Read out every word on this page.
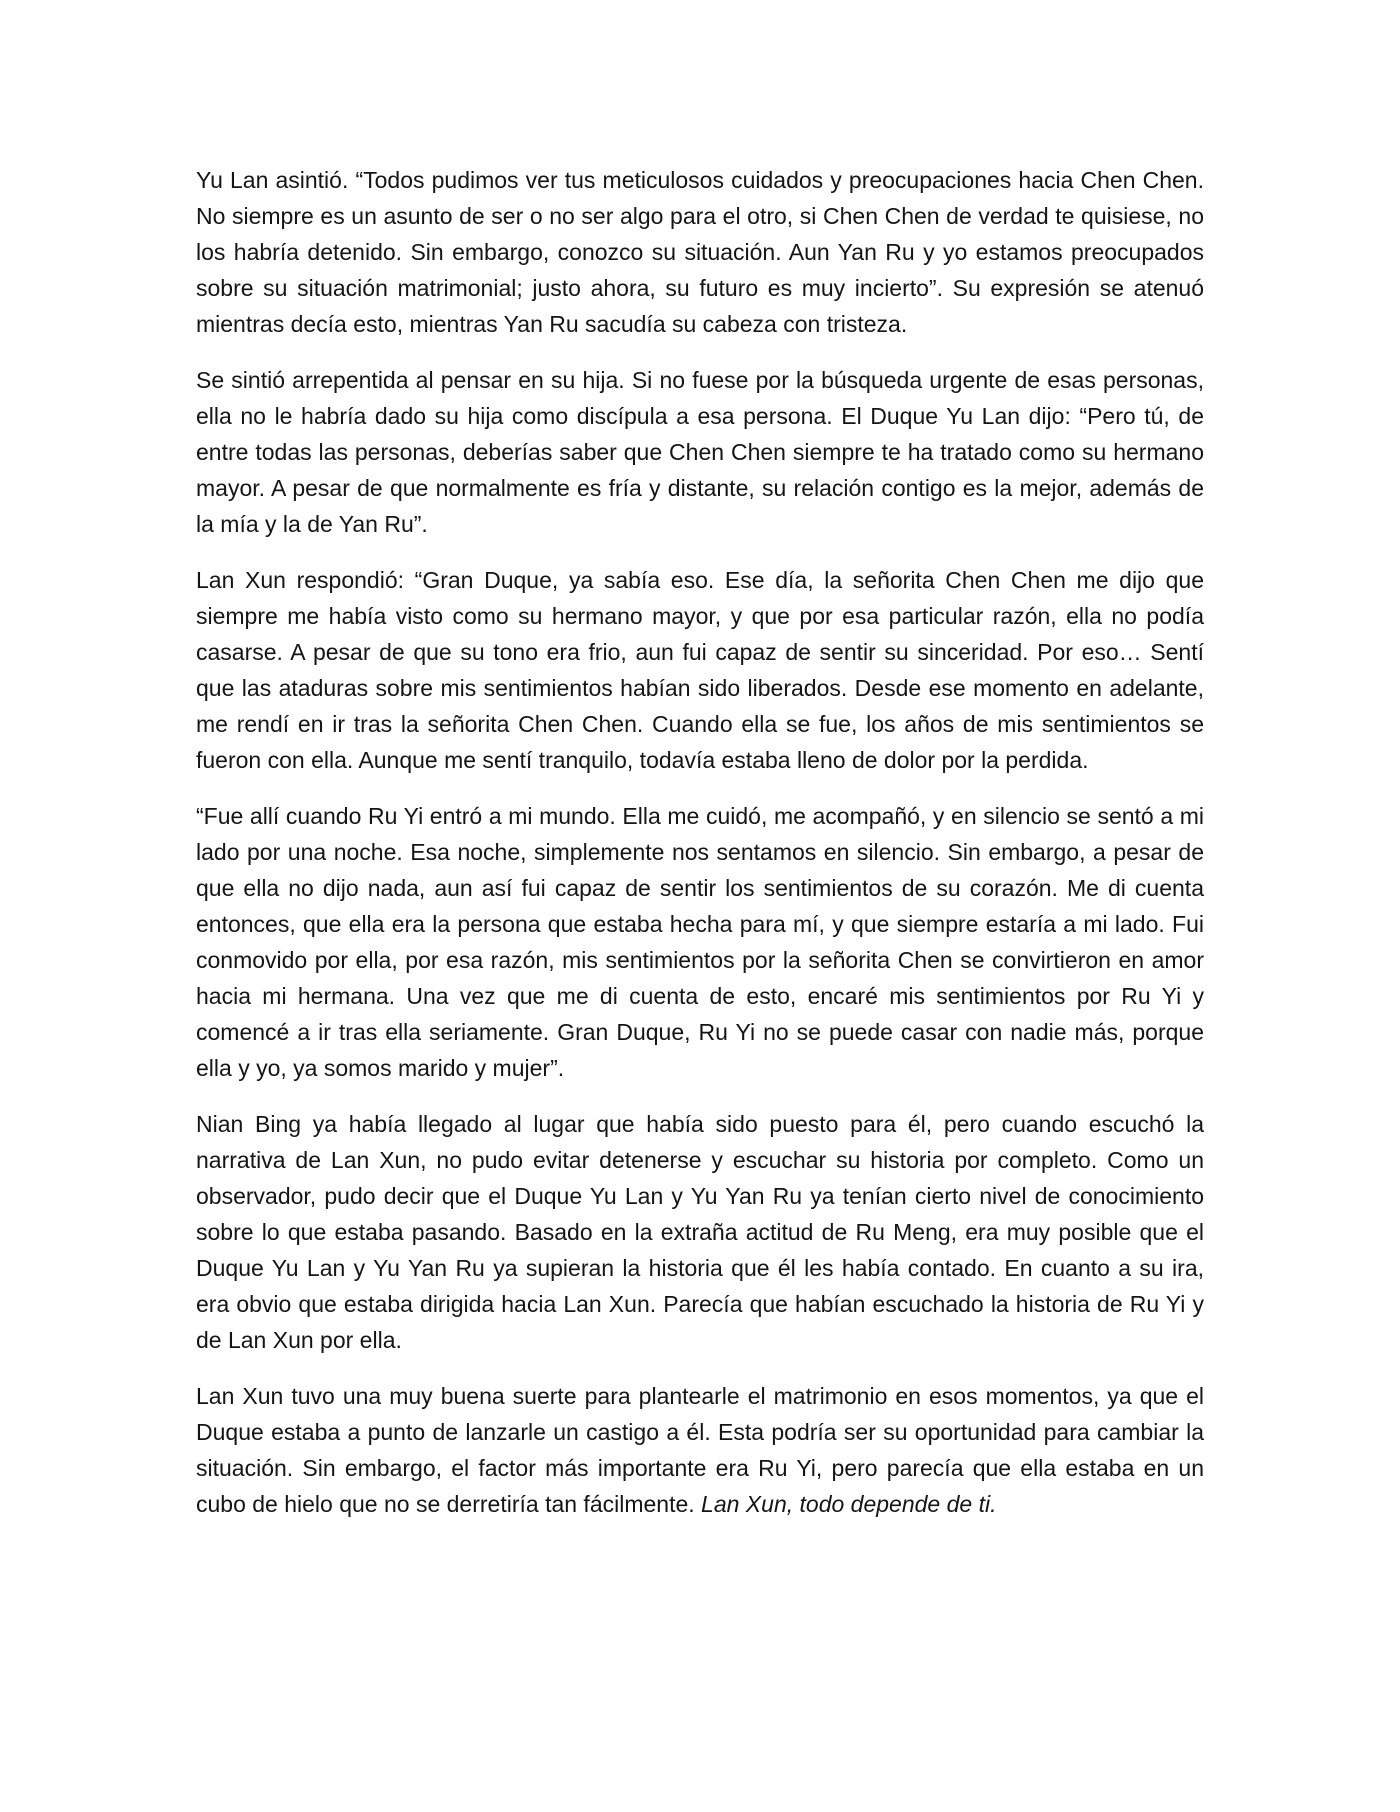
Yu Lan asintió. “Todos pudimos ver tus meticulosos cuidados y preocupaciones hacia Chen Chen. No siempre es un asunto de ser o no ser algo para el otro, si Chen Chen de verdad te quisiese, no los habría detenido. Sin embargo, conozco su situación. Aun Yan Ru y yo estamos preocupados sobre su situación matrimonial; justo ahora, su futuro es muy incierto”. Su expresión se atenuó mientras decía esto, mientras Yan Ru sacudía su cabeza con tristeza.

Se sintió arrepentida al pensar en su hija. Si no fuese por la búsqueda urgente de esas personas, ella no le habría dado su hija como discípula a esa persona. El Duque Yu Lan dijo: “Pero tú, de entre todas las personas, deberías saber que Chen Chen siempre te ha tratado como su hermano mayor. A pesar de que normalmente es fría y distante, su relación contigo es la mejor, además de la mía y la de Yan Ru”.

Lan Xun respondió: “Gran Duque, ya sabía eso. Ese día, la señorita Chen Chen me dijo que siempre me había visto como su hermano mayor, y que por esa particular razón, ella no podía casarse. A pesar de que su tono era frio, aun fui capaz de sentir su sinceridad. Por eso… Sentí que las ataduras sobre mis sentimientos habían sido liberados. Desde ese momento en adelante, me rendí en ir tras la señorita Chen Chen. Cuando ella se fue, los años de mis sentimientos se fueron con ella. Aunque me sentí tranquilo, todavía estaba lleno de dolor por la perdida.

“Fue allí cuando Ru Yi entró a mi mundo. Ella me cuidó, me acompañó, y en silencio se sentó a mi lado por una noche. Esa noche, simplemente nos sentamos en silencio. Sin embargo, a pesar de que ella no dijo nada, aun así fui capaz de sentir los sentimientos de su corazón. Me di cuenta entonces, que ella era la persona que estaba hecha para mí, y que siempre estaría a mi lado. Fui conmovido por ella, por esa razón, mis sentimientos por la señorita Chen se convirtieron en amor hacia mi hermana. Una vez que me di cuenta de esto, encaré mis sentimientos por Ru Yi y comencé a ir tras ella seriamente. Gran Duque, Ru Yi no se puede casar con nadie más, porque ella y yo, ya somos marido y mujer”.

Nian Bing ya había llegado al lugar que había sido puesto para él, pero cuando escuchó la narrativa de Lan Xun, no pudo evitar detenerse y escuchar su historia por completo. Como un observador, pudo decir que el Duque Yu Lan y Yu Yan Ru ya tenían cierto nivel de conocimiento sobre lo que estaba pasando. Basado en la extraña actitud de Ru Meng, era muy posible que el Duque Yu Lan y Yu Yan Ru ya supieran la historia que él les había contado. En cuanto a su ira, era obvio que estaba dirigida hacia Lan Xun. Parecía que habían escuchado la historia de Ru Yi y de Lan Xun por ella.

Lan Xun tuvo una muy buena suerte para plantearle el matrimonio en esos momentos, ya que el Duque estaba a punto de lanzarle un castigo a él. Esta podría ser su oportunidad para cambiar la situación. Sin embargo, el factor más importante era Ru Yi, pero parecía que ella estaba en un cubo de hielo que no se derretiría tan fácilmente. Lan Xun, todo depende de ti.
